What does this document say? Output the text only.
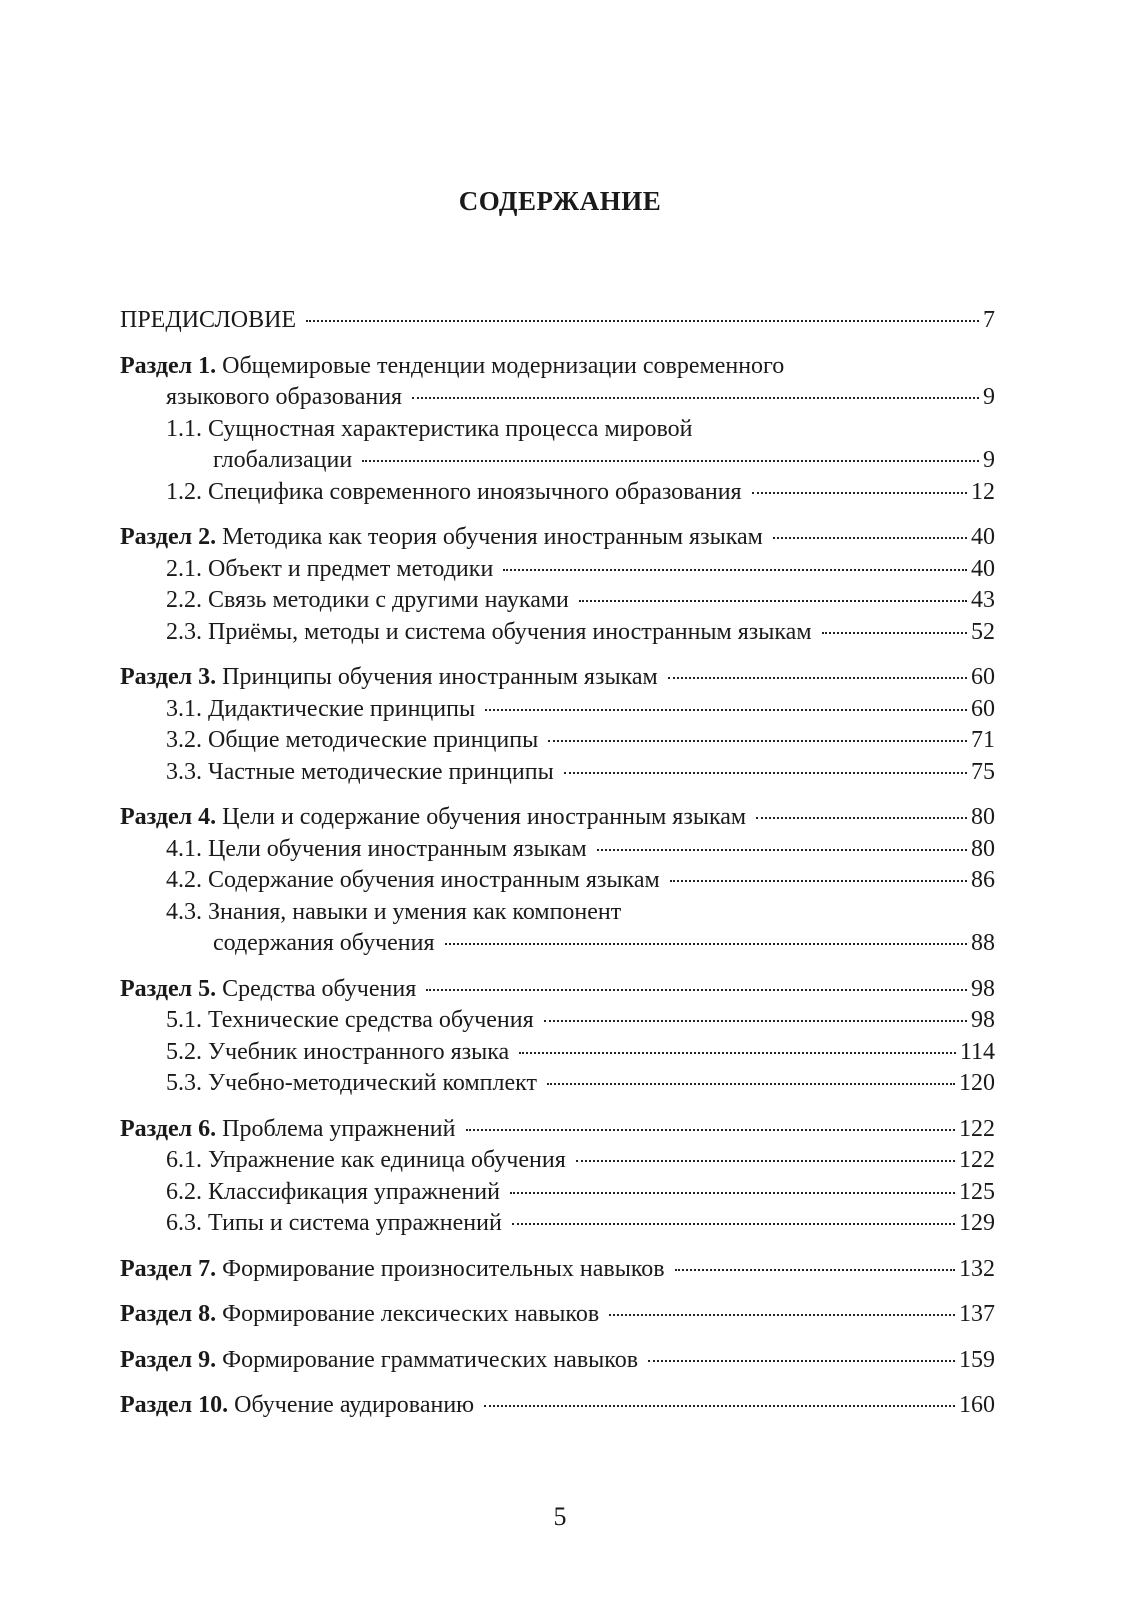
СОДЕРЖАНИЕ
ПРЕДИСЛОВИЕ	7
Раздел 1. Общемировые тенденции модернизации современного
языкового образования	9
1.1. Сущностная характеристика процесса мировой
глобализации	9
1.2. Специфика современного иноязычного образования	12
Раздел 2. Методика как теория обучения иностранным языкам	40
2.1. Объект и предмет методики	40
2.2. Связь методики с другими науками	43
2.3. Приёмы, методы и система обучения иностранным языкам	52
Раздел 3. Принципы обучения иностранным языкам	60
3.1. Дидактические принципы	60
3.2. Общие методические принципы	71
3.3. Частные методические принципы	75
Раздел 4. Цели и содержание обучения иностранным языкам	80
4.1. Цели обучения иностранным языкам	80
4.2. Содержание обучения иностранным языкам	86
4.3. Знания, навыки и умения как компонент
содержания обучения	88
Раздел 5. Средства обучения	98
5.1. Технические средства обучения	98
5.2. Учебник иностранного языка	114
5.3. Учебно-методический комплект	120
Раздел 6. Проблема упражнений	122
6.1. Упражнение как единица обучения	122
6.2. Классификация упражнений	125
6.3. Типы и система упражнений	129
Раздел 7. Формирование произносительных навыков	132
Раздел 8. Формирование лексических навыков	137
Раздел 9. Формирование грамматических навыков	159
Раздел 10. Обучение аудированию	160
5
